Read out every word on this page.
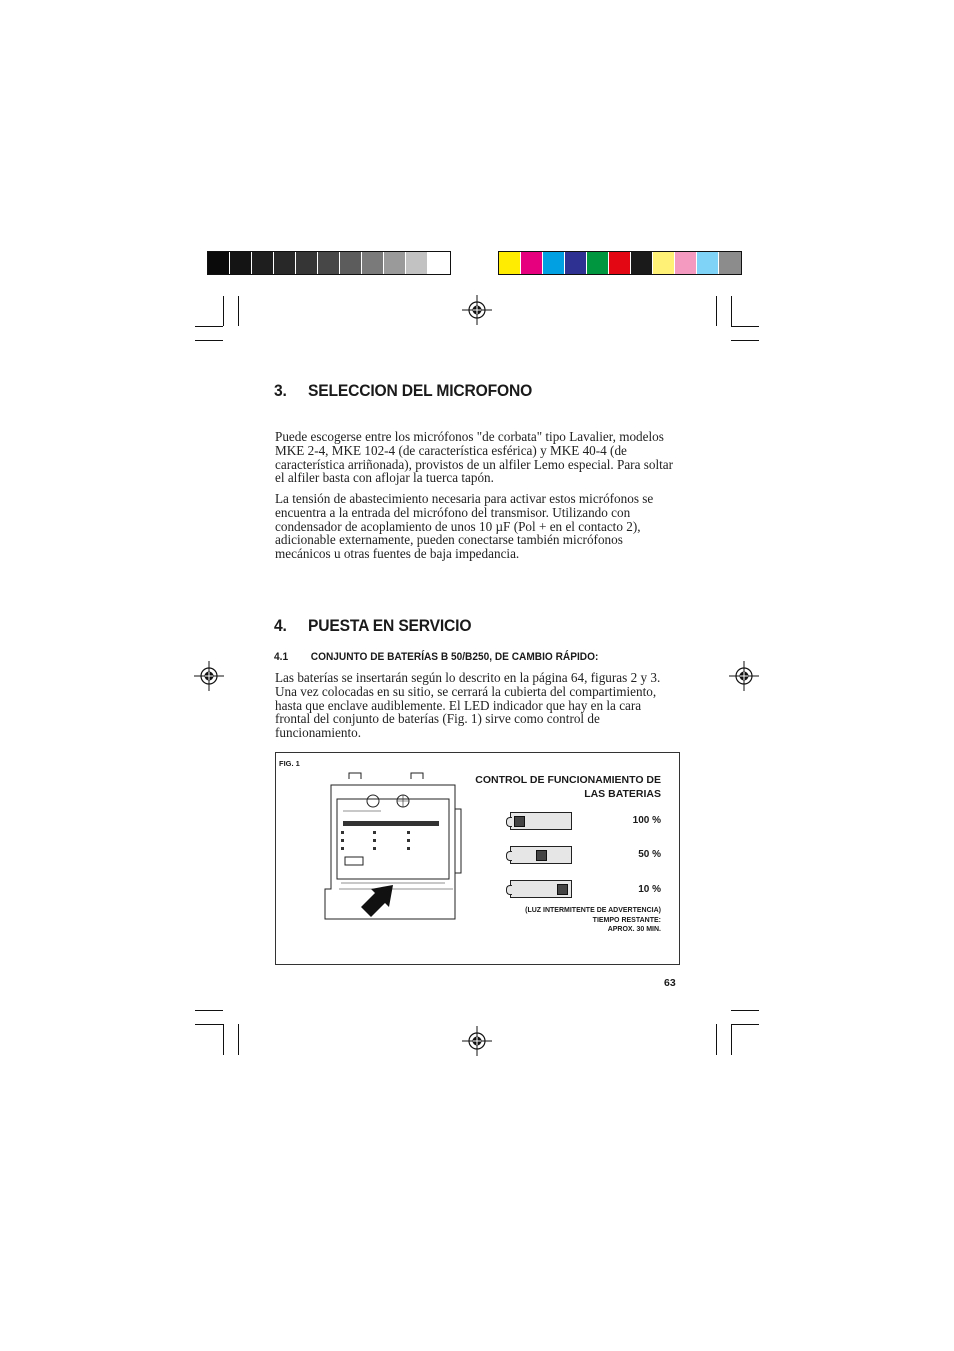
3. SELECCION DEL MICROFONO

Puede escogerse entre los micrófonos "de corbata" tipo Lavalier, modelos MKE 2-4, MKE 102-4 (de característica esférica) y MKE 40-4 (de característica arriñonada), provistos de un alfiler Lemo especial. Para soltar el alfiler basta con aflojar la tuerca tapón.

La tensión de abastecimiento necesaria para activar estos micrófonos se encuentra a la entrada del micrófono del transmisor. Utilizando con condensador de acoplamiento de unos 10 µF (Pol + en el contacto 2), adicionable externamente, pueden conectarse también micrófonos mecánicos u otras fuentes de baja impedancia.

4. PUESTA EN SERVICIO
4.1 CONJUNTO DE BATERÍAS B 50/B250, DE CAMBIO RÁPIDO:

Las baterías se insertarán según lo descrito en la página 64, figuras 2 y 3. Una vez colocadas en su sitio, se cerrará la cubierta del compartimiento, hasta que enclave audiblemente. El LED indicador que hay en la cara frontal del conjunto de baterías (Fig. 1) sirve como control de funcionamiento.

FIG. 1
CONTROL DE FUNCIONAMIENTO DE
LAS BATERIAS
100 %
50 %
10 %
(LUZ INTERMITENTE DE ADVERTENCIA)
TIEMPO RESTANTE:
APROX. 30 MIN.
63
